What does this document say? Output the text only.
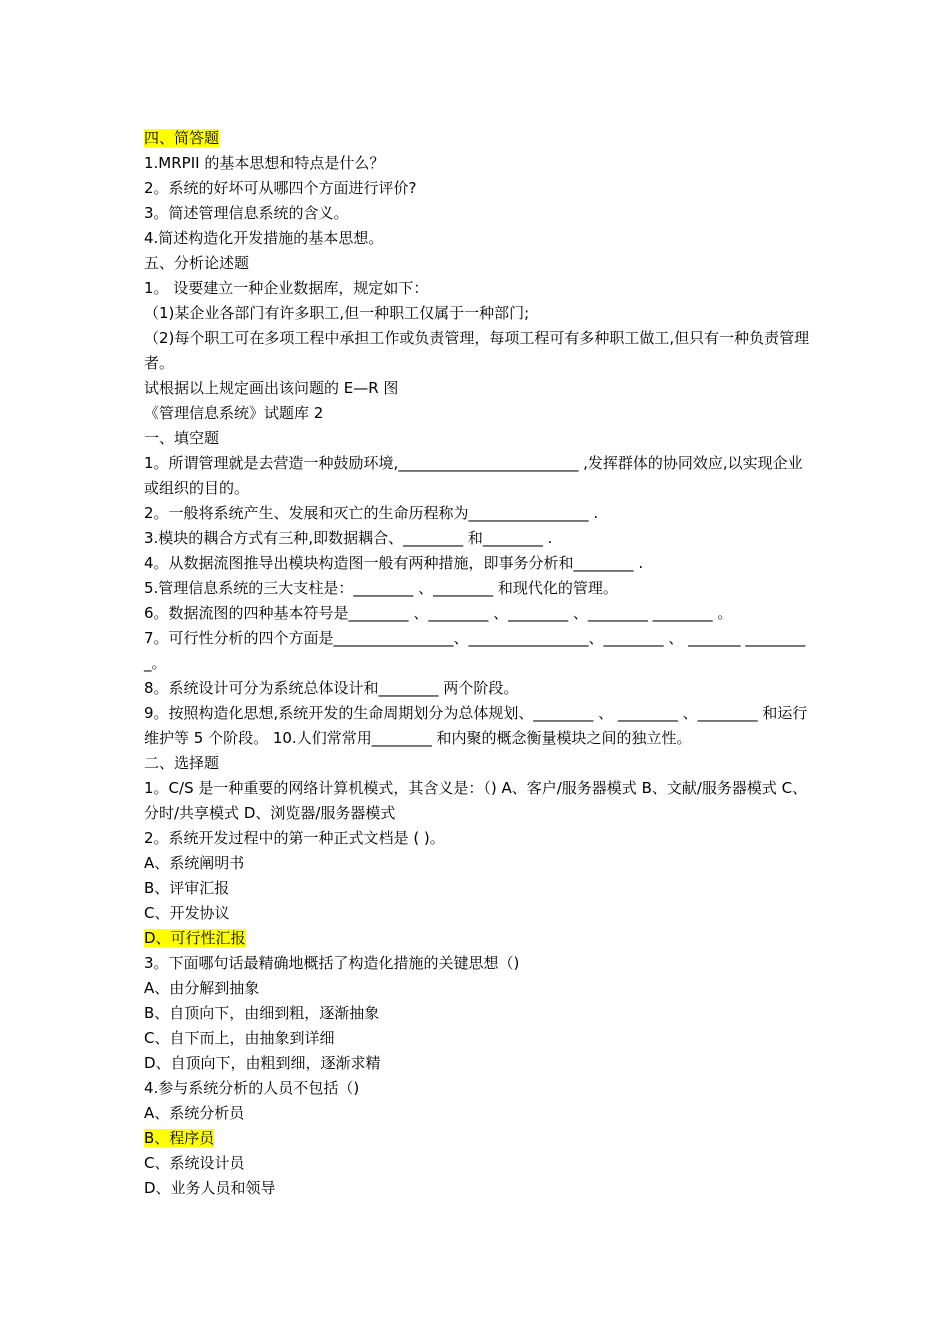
四、简答题

1.MRPII 的基本思想和特点是什么？

2。系统的好坏可从哪四个方面进行评价?

3。简述管理信息系统的含义。

4.简述构造化开发措施的基本思想。

五、分析论述题

1。 设要建立一种企业数据库，规定如下：

（1)某企业各部门有许多职工,但一种职工仅属于一种部门;

（2)每个职工可在多项工程中承担工作或负责管理，每项工程可有多种职工做工,但只有一种负责管理者。

试根据以上规定画出该问题的 E—R 图

《管理信息系统》试题库 2

一、填空题

1。所谓管理就是去营造一种鼓励环境,________________________ ,发挥群体的协同效应,以实现企业或组织的目的。

2。一般将系统产生、发展和灭亡的生命历程称为________________ .

3.模块的耦合方式有三种,即数据耦合、________ 和________ .

4。从数据流图推导出模块构造图一般有两种措施，即事务分析和________ .

5.管理信息系统的三大支柱是：________ 、________ 和现代化的管理。

6。数据流图的四种基本符号是________ 、________ 、________ 、________ ________ 。

7。可行性分析的四个方面是________________、________________、________ 、 _______ _________。

8。系统设计可分为系统总体设计和________ 两个阶段。

9。按照构造化思想,系统开发的生命周期划分为总体规划、________ 、 ________ 、________ 和运行维护等 5 个阶段。 10.人们常常用________ 和内聚的概念衡量模块之间的独立性。

二、选择题

1。C/S 是一种重要的网络计算机模式，其含义是：（) A、客户/服务器模式 B、文献/服务器模式 C、分时/共享模式 D、浏览器/服务器模式

2。系统开发过程中的第一种正式文档是 ( )。

A、系统阐明书

B、评审汇报

C、开发协议

D、可行性汇报

3。下面哪句话最精确地概括了构造化措施的关键思想（)

A、由分解到抽象

B、自顶向下，由细到粗，逐渐抽象

C、自下而上，由抽象到详细

D、自顶向下，由粗到细，逐渐求精

4.参与系统分析的人员不包括（)

A、系统分析员

B、程序员

C、系统设计员

D、业务人员和领导
